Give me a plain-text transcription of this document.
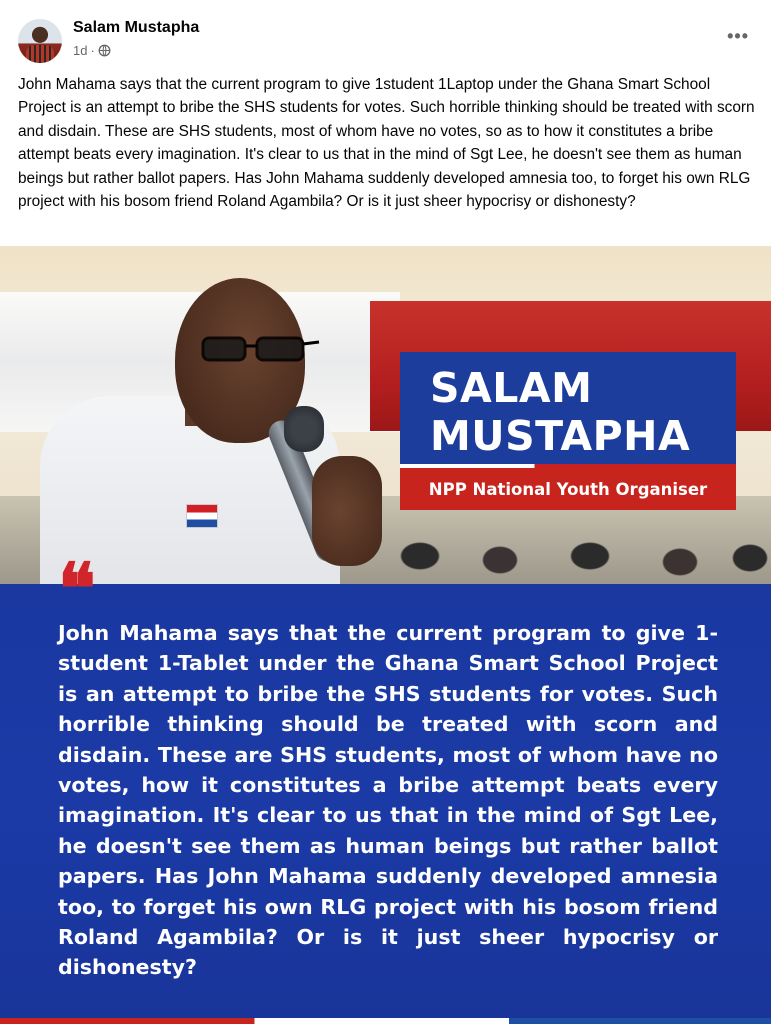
Salam Mustapha
1d ·
•••
John Mahama says that the current program to give 1student 1Laptop under the Ghana Smart School Project is an attempt to bribe the SHS students for votes. Such horrible thinking should be treated with scorn and disdain. These are SHS students, most of whom have no votes, so as to how it constitutes a bribe attempt beats every imagination. It's clear to us that in the mind of Sgt Lee, he doesn't see them as human beings but rather ballot papers. Has John Mahama suddenly developed amnesia too, to forget his own RLG project with his bosom friend Roland Agambila? Or is it just sheer hypocrisy or dishonesty?
SALAM
MUSTAPHA
NPP National Youth Organiser
❝
John Mahama says that the current program to give 1-student 1-Tablet under the Ghana Smart School Project is an attempt to bribe the SHS students for votes. Such horrible thinking should be treated with scorn and disdain. These are SHS students, most of whom have no votes, how it constitutes a bribe attempt beats every imagination. It's clear to us that in the mind of Sgt Lee, he doesn't see them as human beings but rather ballot papers. Has John Mahama suddenly developed amnesia too, to forget his own RLG project with his bosom friend Roland Agambila? Or is it just sheer hypocrisy or dishonesty?
